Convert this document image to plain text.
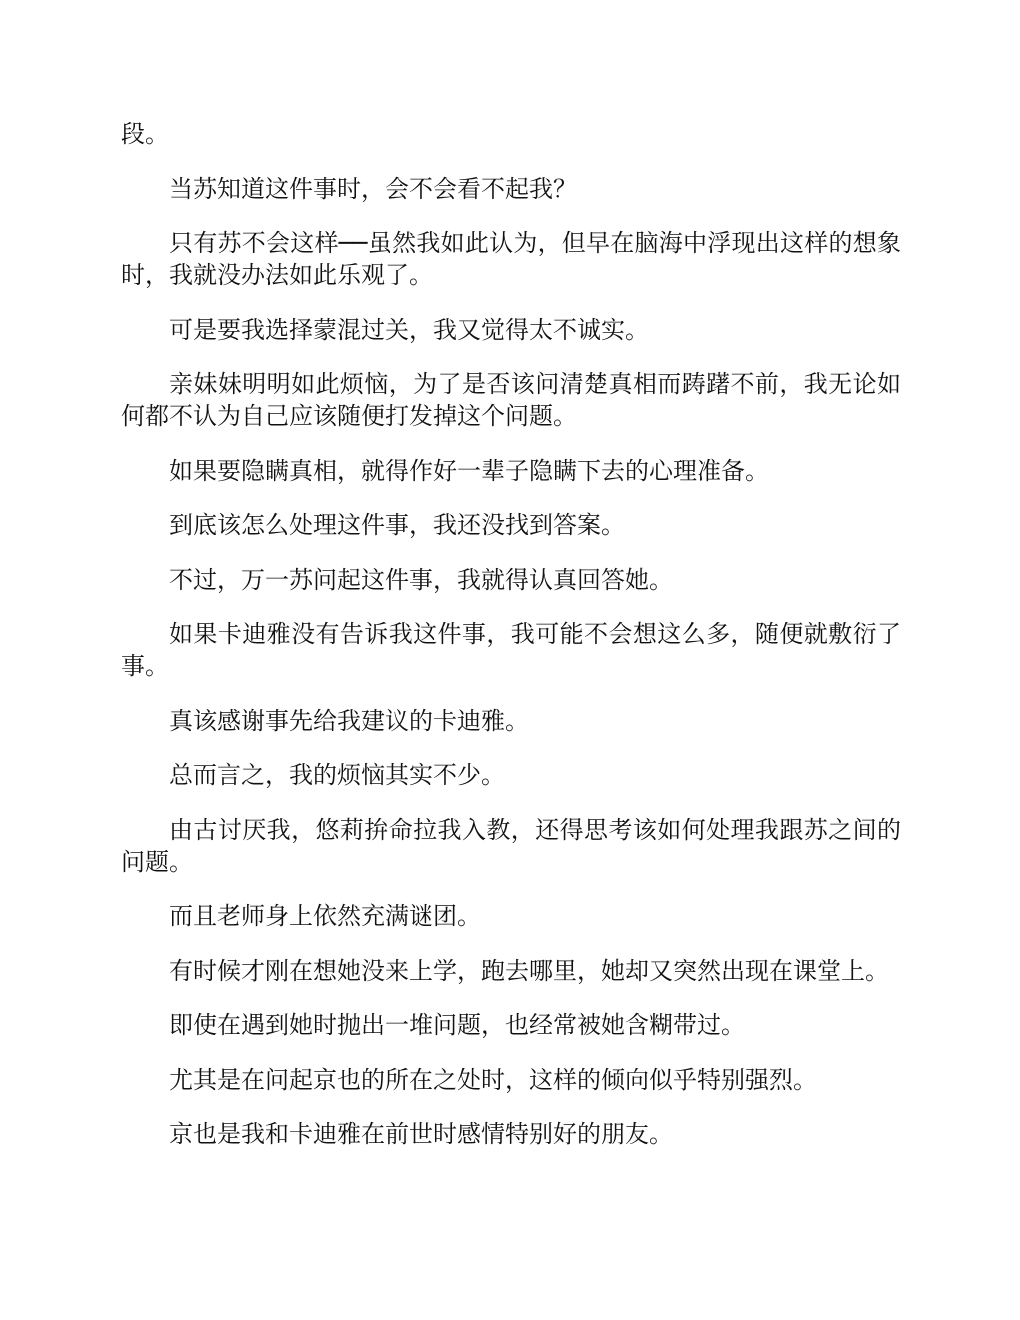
段。

当苏知道这件事时，会不会看不起我？

只有苏不会这样──虽然我如此认为，但早在脑海中浮现出这样的想象时，我就没办法如此乐观了。

可是要我选择蒙混过关，我又觉得太不诚实。

亲妹妹明明如此烦恼，为了是否该问清楚真相而踌躇不前，我无论如何都不认为自己应该随便打发掉这个问题。

如果要隐瞒真相，就得作好一辈子隐瞒下去的心理准备。

到底该怎么处理这件事，我还没找到答案。

不过，万一苏问起这件事，我就得认真回答她。

如果卡迪雅没有告诉我这件事，我可能不会想这么多，随便就敷衍了事。

真该感谢事先给我建议的卡迪雅。

总而言之，我的烦恼其实不少。

由古讨厌我，悠莉拚命拉我入教，还得思考该如何处理我跟苏之间的问题。

而且老师身上依然充满谜团。

有时候才刚在想她没来上学，跑去哪里，她却又突然出现在课堂上。

即使在遇到她时抛出一堆问题，也经常被她含糊带过。

尤其是在问起京也的所在之处时，这样的倾向似乎特别强烈。

京也是我和卡迪雅在前世时感情特别好的朋友。
